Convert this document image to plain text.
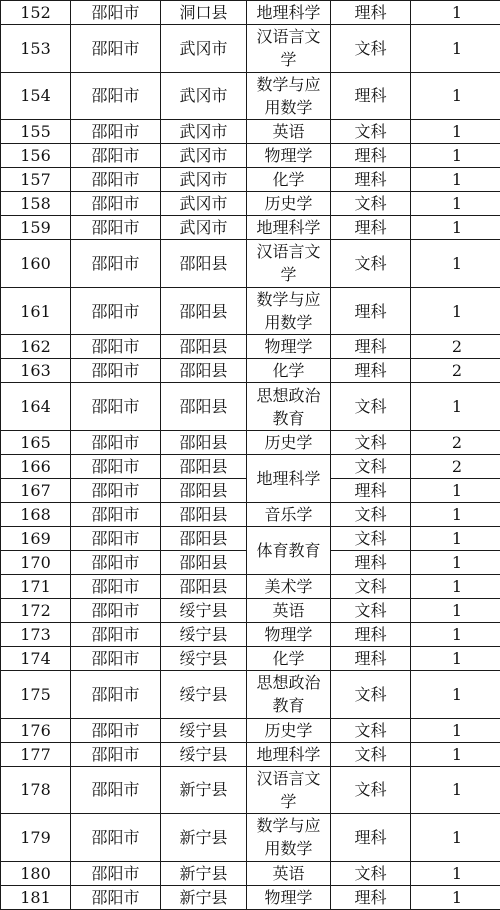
152	邵阳市	洞口县	地理科学	理科	1
153	邵阳市	武冈市	汉语言文学	文科	1
154	邵阳市	武冈市	数学与应用数学	理科	1
155	邵阳市	武冈市	英语	文科	1
156	邵阳市	武冈市	物理学	理科	1
157	邵阳市	武冈市	化学	理科	1
158	邵阳市	武冈市	历史学	文科	1
159	邵阳市	武冈市	地理科学	理科	1
160	邵阳市	邵阳县	汉语言文学	文科	1
161	邵阳市	邵阳县	数学与应用数学	理科	1
162	邵阳市	邵阳县	物理学	理科	2
163	邵阳市	邵阳县	化学	理科	2
164	邵阳市	邵阳县	思想政治教育	文科	1
165	邵阳市	邵阳县	历史学	文科	2
166	邵阳市	邵阳县	地理科学	文科	2
167	邵阳市	邵阳县		理科	1
168	邵阳市	邵阳县	音乐学	文科	1
169	邵阳市	邵阳县	体育教育	文科	1
170	邵阳市	邵阳县		理科	1
171	邵阳市	邵阳县	美术学	文科	1
172	邵阳市	绥宁县	英语	文科	1
173	邵阳市	绥宁县	物理学	理科	1
174	邵阳市	绥宁县	化学	理科	1
175	邵阳市	绥宁县	思想政治教育	文科	1
176	邵阳市	绥宁县	历史学	文科	1
177	邵阳市	绥宁县	地理科学	文科	1
178	邵阳市	新宁县	汉语言文学	文科	1
179	邵阳市	新宁县	数学与应用数学	理科	1
180	邵阳市	新宁县	英语	文科	1
181	邵阳市	新宁县	物理学	理科	1
